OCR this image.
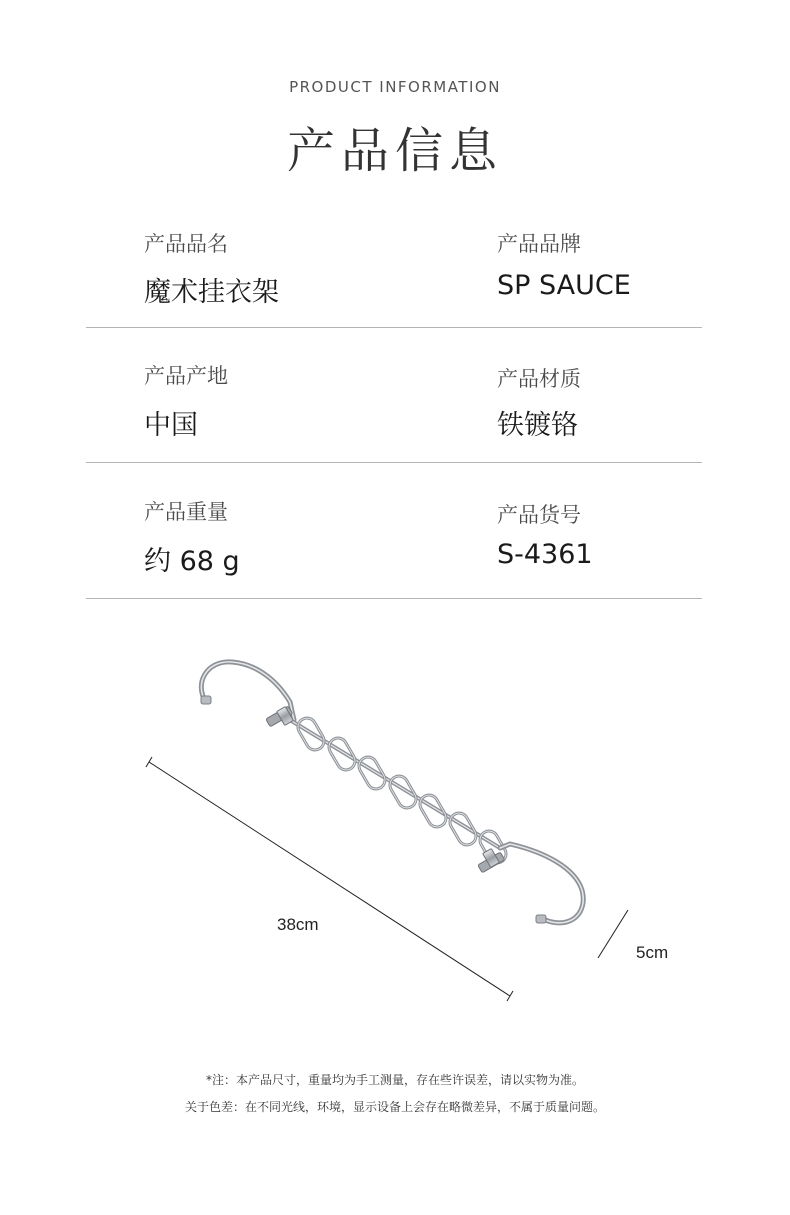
PRODUCT INFORMATION
产品信息
产品品名
魔术挂衣架
产品品牌
SP SAUCE
产品产地
中国
产品材质
铁镀铬
产品重量
约 68 g
产品货号
S-4361
38cm
5cm
*注：本产品尺寸，重量均为手工测量，存在些许误差，请以实物为准。
关于色差：在不同光线，环境，显示设备上会存在略微差异，不属于质量问题。
